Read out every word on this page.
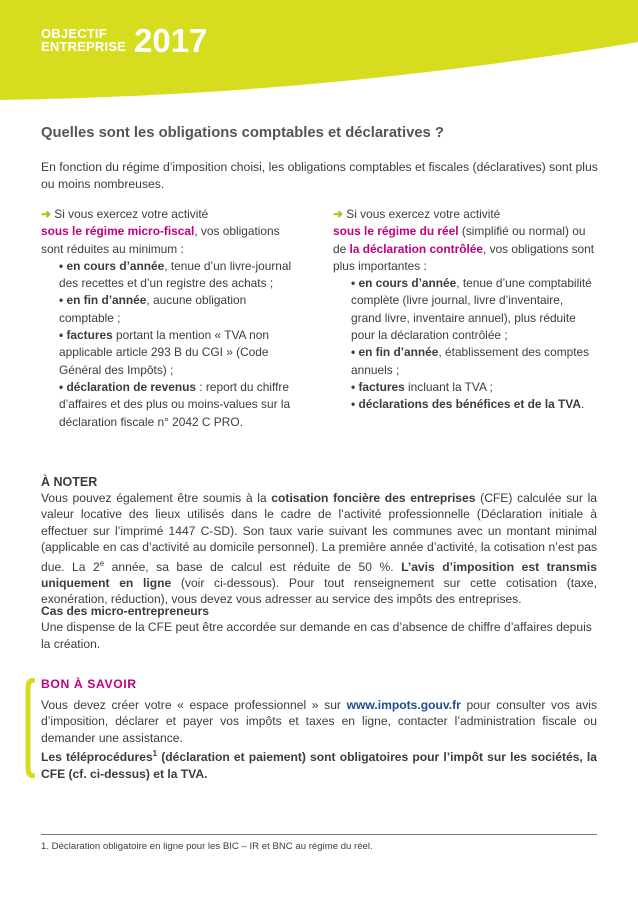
OBJECTIF
ENTREPRISE 2017
Quelles sont les obligations comptables et déclaratives ?

En fonction du régime d’imposition choisi, les obligations comptables et fiscales (déclaratives) sont plus ou moins nombreuses.

➜ Si vous exercez votre activité
sous le régime micro-fiscal, vos obligations sont réduites au minimum :

• en cours d’année, tenue d’un livre-journal des recettes et d’un registre des achats ;
• en fin d’année, aucune obligation comptable ;
• factures portant la mention « TVA non applicable article 293 B du CGI » (Code Général des Impôts) ;
• déclaration de revenus : report du chiffre d’affaires et des plus ou moins-values sur la déclaration fiscale n° 2042 C PRO.

➜ Si vous exercez votre activité
sous le régime du réel (simplifié ou normal) ou de la déclaration contrôlée, vos obligations sont plus importantes :

• en cours d’année, tenue d’une comptabilité complète (livre journal, livre d’inventaire, grand livre, inventaire annuel), plus réduite pour la déclaration contrôlée ;
• en fin d’année, établissement des comptes annuels ;
• factures incluant la TVA ;
• déclarations des bénéfices et de la TVA.
À NOTER

Vous pouvez également être soumis à la cotisation foncière des entreprises (CFE) calculée sur la valeur locative des lieux utilisés dans le cadre de l’activité professionnelle (Déclaration initiale à effectuer sur l’imprimé 1447 C-SD). Son taux varie suivant les communes avec un montant minimal (applicable en cas d’activité au domicile personnel). La première année d’activité, la cotisation n’est pas due. La 2e année, sa base de calcul est réduite de 50 %. L’avis d’imposition est transmis uniquement en ligne (voir ci-dessous). Pour tout renseignement sur cette cotisation (taxe, exonération, réduction), vous devez vous adresser au service des impôts des entreprises.

Cas des micro-entrepreneurs

Une dispense de la CFE peut être accordée sur demande en cas d’absence de chiffre d’affaires depuis la création.

BON À SAVOIR

Vous devez créer votre « espace professionnel » sur www.impots.gouv.fr pour consulter vos avis d’imposition, déclarer et payer vos impôts et taxes en ligne, contacter l’administration fiscale ou demander une assistance.

Les téléprocédures$^1$ (déclaration et paiement) sont obligatoires pour l’impôt sur les sociétés, la CFE (cf. ci-dessus) et la TVA.

1. Déclaration obligatoire en ligne pour les BIC – IR et BNC au régime du réel.
